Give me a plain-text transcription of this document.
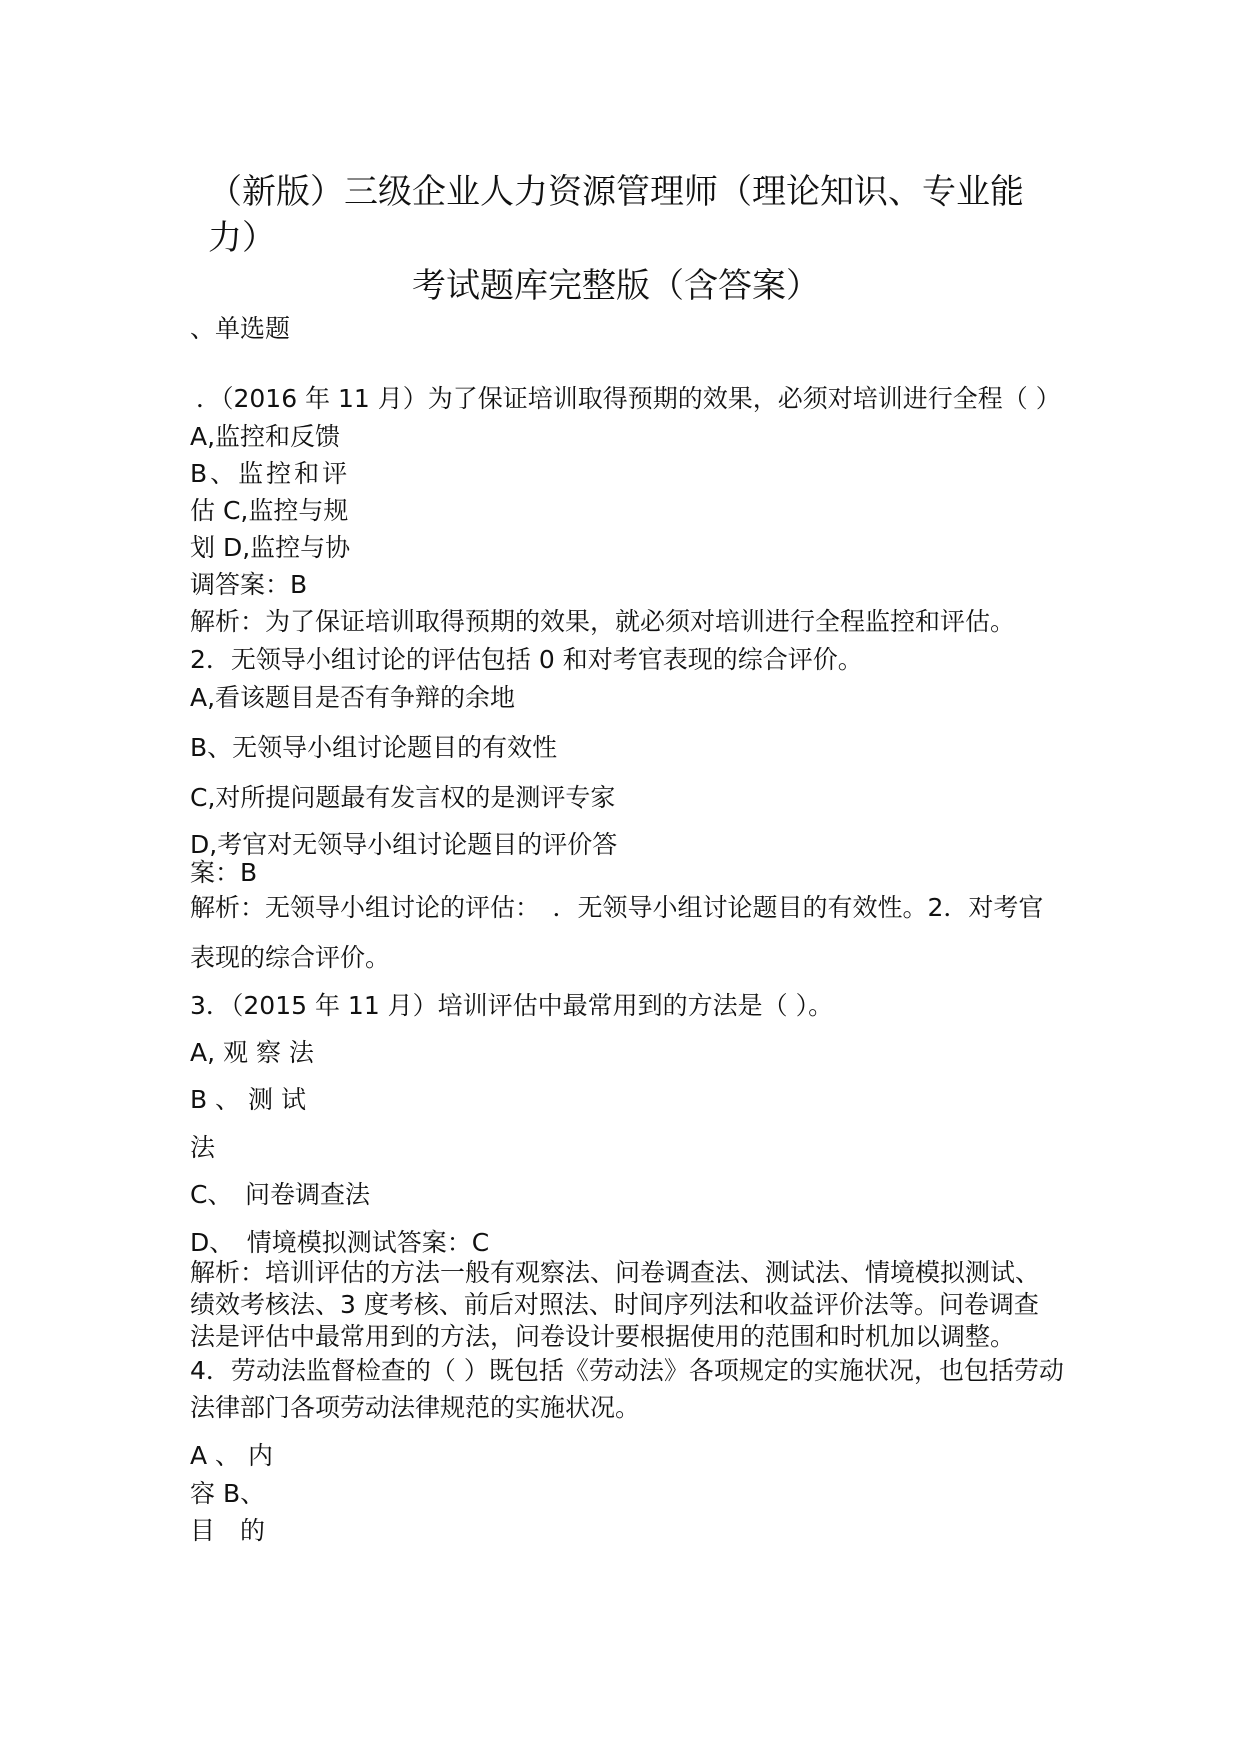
（新版）三级企业人力资源管理师（理论知识、专业能
力）
考试题库完整版（含答案）
、单选题
．（2016 年 11 月）为了保证培训取得预期的效果，必须对培训进行全程（ ）
A,监控和反馈
B、监控和评
估 C,监控与规
划 D,监控与协
调答案：B
解析：为了保证培训取得预期的效果，就必须对培训进行全程监控和评估。
2．无领导小组讨论的评估包括 0 和对考官表现的综合评价。
A,看该题目是否有争辩的余地
B、无领导小组讨论题目的有效性
C,对所提问题最有发言权的是测评专家
D,考官对无领导小组讨论题目的评价答
案：B
解析：无领导小组讨论的评估：　．无领导小组讨论题目的有效性。2．对考官
表现的综合评价。
3．（2015 年 11 月）培训评估中最常用到的方法是（ ）。
A, 观 察 法
B 、 测 试
法
C、　问卷调查法
D、　情境模拟测试答案：C
解析：培训评估的方法一般有观察法、问卷调查法、测试法、情境模拟测试、
绩效考核法、3 度考核、前后对照法、时间序列法和收益评价法等。问卷调查
法是评估中最常用到的方法，问卷设计要根据使用的范围和时机加以调整。
4．劳动法监督检查的（ ）既包括《劳动法》各项规定的实施状况，也包括劳动
法律部门各项劳动法律规范的实施状况。
A 、 内
容 B、
目　的
